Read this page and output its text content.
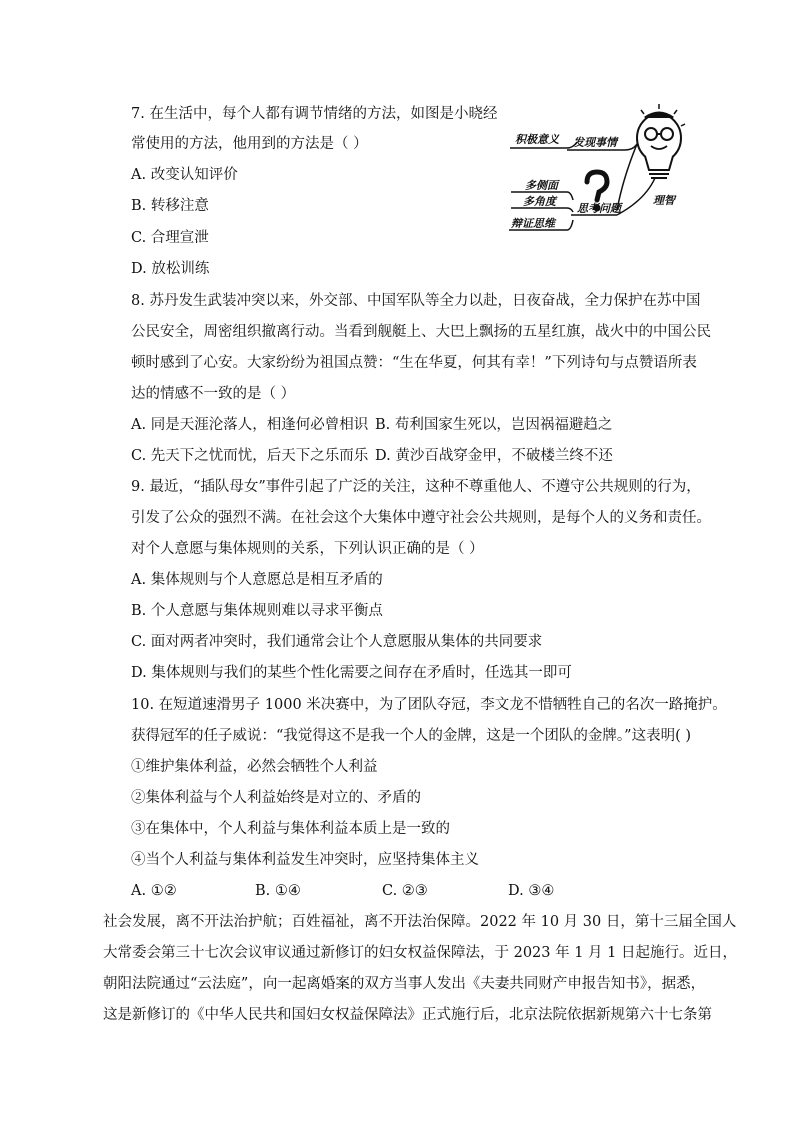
7. 在生活中，每个人都有调节情绪的方法，如图是小晓经
常使用的方法，他用到的方法是（ ）
A. 改变认知评价
B. 转移注意
C. 合理宣泄
D. 放松训练
积极意义 发现事情
理智
多侧面
多角度
思考问题
辩证思维
8. 苏丹发生武装冲突以来，外交部、中国军队等全力以赴，日夜奋战，全力保护在苏中国
公民安全，周密组织撤离行动。当看到舰艇上、大巴上飘扬的五星红旗，战火中的中国公民
顿时感到了心安。大家纷纷为祖国点赞：“生在华夏，何其有幸！”下列诗句与点赞语所表
达的情感不一致的是（ ）
A. 同是天涯沦落人，相逢何必曾相识 B. 苟利国家生死以，岂因祸福避趋之
C. 先天下之忧而忧，后天下之乐而乐 D. 黄沙百战穿金甲，不破楼兰终不还
9. 最近，“插队母女”事件引起了广泛的关注，这种不尊重他人、不遵守公共规则的行为，
引发了公众的强烈不满。在社会这个大集体中遵守社会公共规则，是每个人的义务和责任。
对个人意愿与集体规则的关系，下列认识正确的是（ ）
A. 集体规则与个人意愿总是相互矛盾的
B. 个人意愿与集体规则难以寻求平衡点
C. 面对两者冲突时，我们通常会让个人意愿服从集体的共同要求
D. 集体规则与我们的某些个性化需要之间存在矛盾时，任选其一即可
10. 在短道速滑男子 1000 米决赛中，为了团队夺冠，李文龙不惜牺牲自己的名次一路掩护。
获得冠军的任子威说：“我觉得这不是我一个人的金牌，这是一个团队的金牌。”这表明( )
①维护集体利益，必然会牺牲个人利益
②集体利益与个人利益始终是对立的、矛盾的
③在集体中，个人利益与集体利益本质上是一致的
④当个人利益与集体利益发生冲突时，应坚持集体主义
A. ①②	B. ①④	C. ②③	D. ③④
社会发展，离不开法治护航；百姓福祉，离不开法治保障。2022 年 10 月 30 日，第十三届全国人
大常委会第三十七次会议审议通过新修订的妇女权益保障法，于 2023 年 1 月 1 日起施行。近日，
朝阳法院通过“云法庭”，向一起离婚案的双方当事人发出《夫妻共同财产申报告知书》，据悉，
这是新修订的《中华人民共和国妇女权益保障法》正式施行后，北京法院依据新规第六十七条第
